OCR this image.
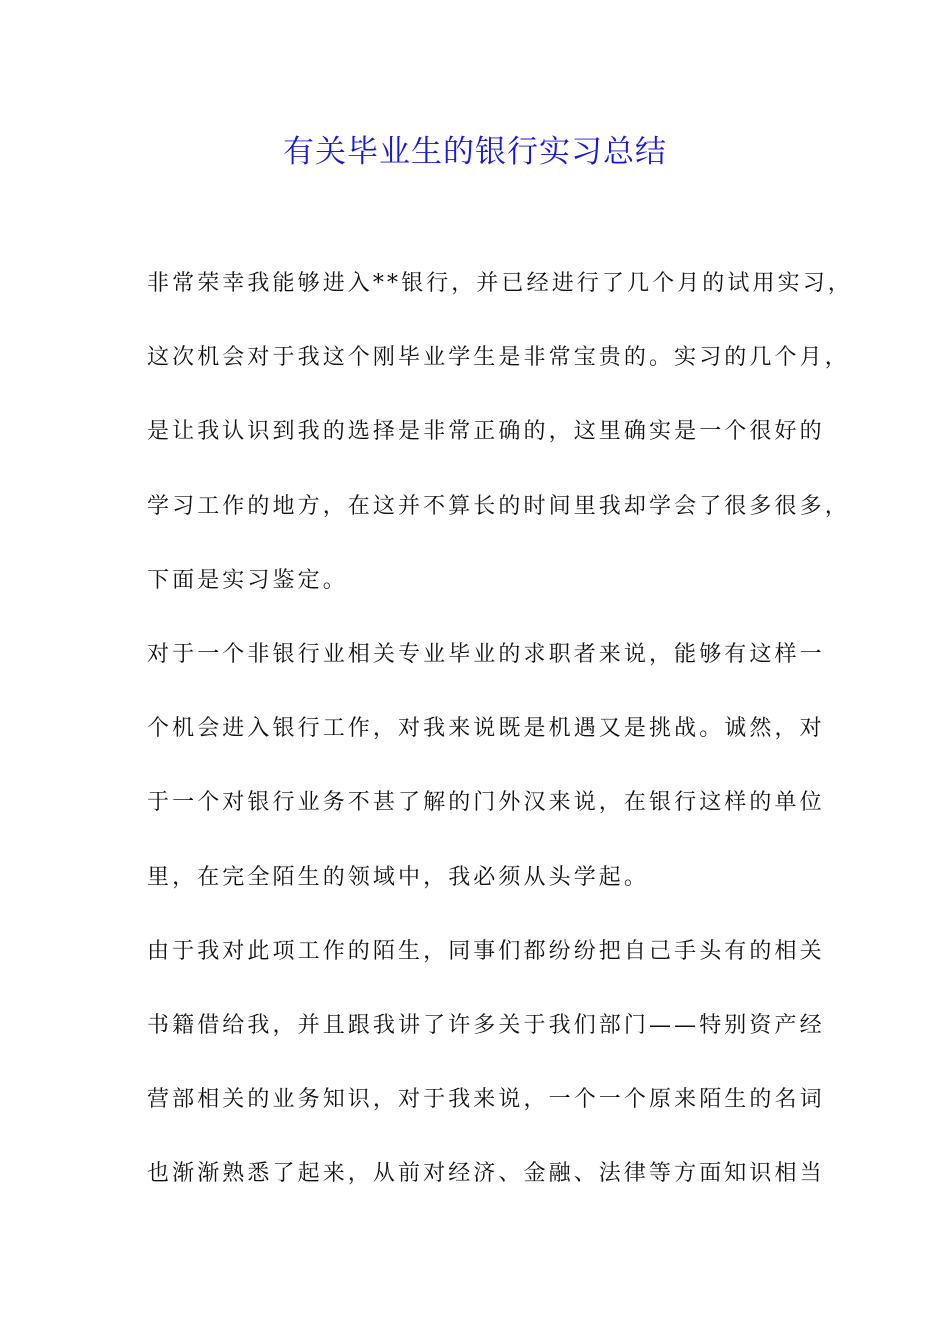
有关毕业生的银行实习总结
非常荣幸我能够进入**银行，并已经进行了几个月的试用实习，
这次机会对于我这个刚毕业学生是非常宝贵的。实习的几个月，
是让我认识到我的选择是非常正确的，这里确实是一个很好的
学习工作的地方，在这并不算长的时间里我却学会了很多很多，
下面是实习鉴定。
对于一个非银行业相关专业毕业的求职者来说，能够有这样一
个机会进入银行工作，对我来说既是机遇又是挑战。诚然，对
于一个对银行业务不甚了解的门外汉来说，在银行这样的单位
里，在完全陌生的领域中，我必须从头学起。
由于我对此项工作的陌生，同事们都纷纷把自己手头有的相关
书籍借给我，并且跟我讲了许多关于我们部门——特别资产经
营部相关的业务知识，对于我来说，一个一个原来陌生的名词
也渐渐熟悉了起来，从前对经济、金融、法律等方面知识相当
